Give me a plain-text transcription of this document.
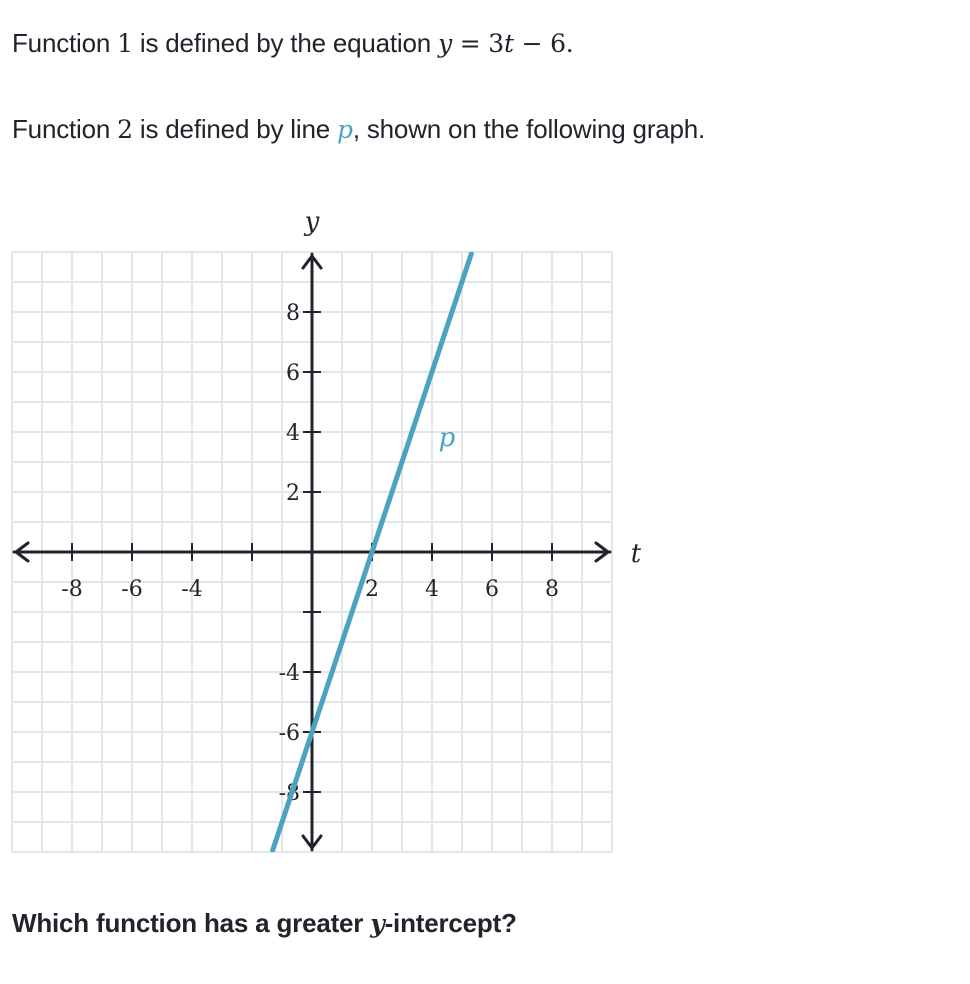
Function 1 is defined by the equation y = 3t − 6.
Function 2 is defined by line p, shown on the following graph.
-8 -6 -4	2 4 6 8
-8
-6
-4
2
4
6
8
p
t
y
Which function has a greater y-intercept?
